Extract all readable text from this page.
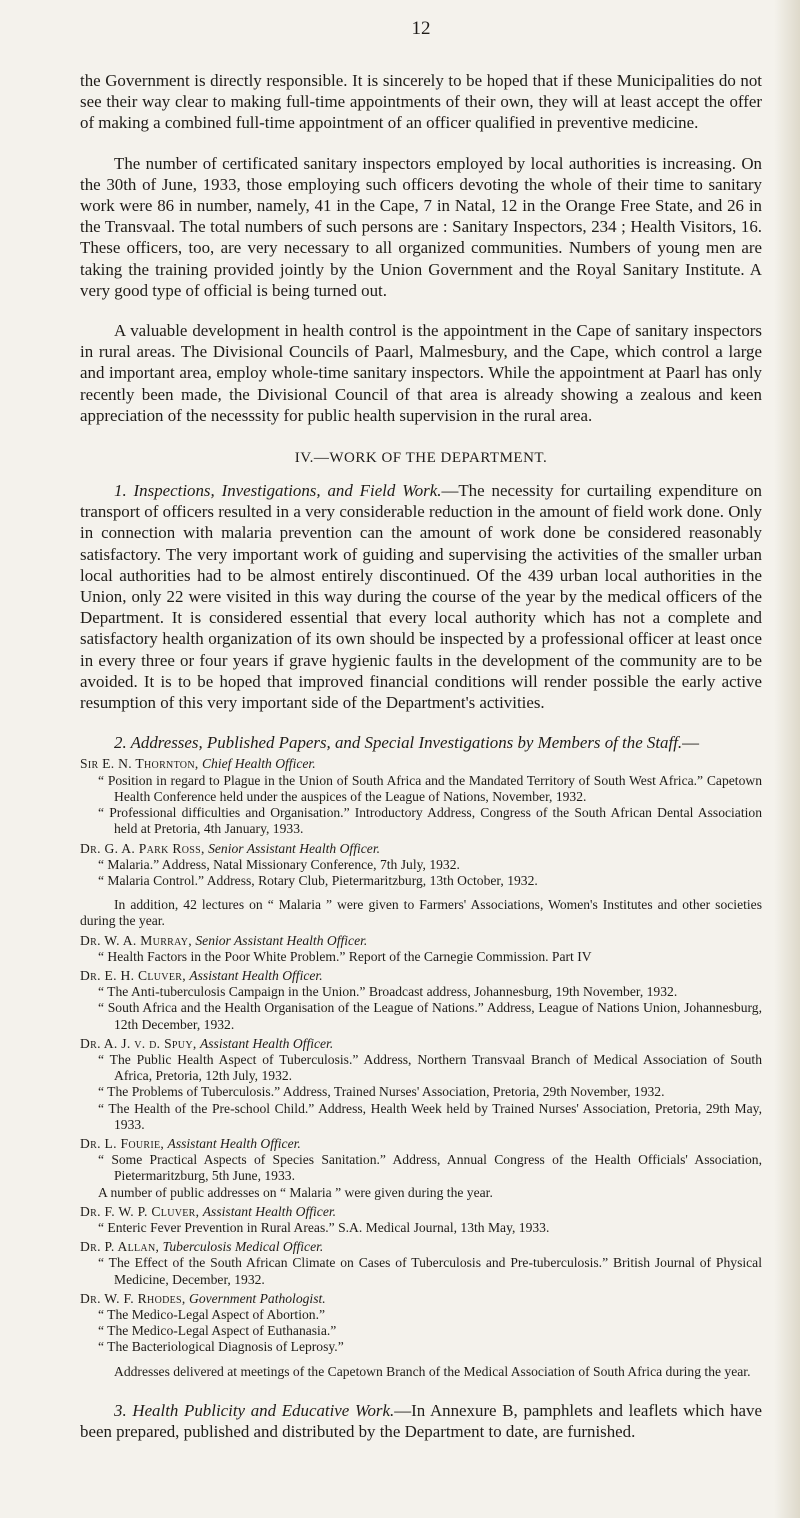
12

the Government is directly responsible. It is sincerely to be hoped that if these Municipalities do not see their way clear to making full-time appointments of their own, they will at least accept the offer of making a combined full-time appointment of an officer qualified in preventive medicine.

The number of certificated sanitary inspectors employed by local authorities is increasing. On the 30th of June, 1933, those employing such officers devoting the whole of their time to sanitary work were 86 in number, namely, 41 in the Cape, 7 in Natal, 12 in the Orange Free State, and 26 in the Transvaal. The total numbers of such persons are : Sanitary Inspectors, 234 ; Health Visitors, 16. These officers, too, are very necessary to all organized communities. Numbers of young men are taking the training provided jointly by the Union Government and the Royal Sanitary Institute. A very good type of official is being turned out.

A valuable development in health control is the appointment in the Cape of sanitary inspectors in rural areas. The Divisional Councils of Paarl, Malmesbury, and the Cape, which control a large and important area, employ whole-time sanitary inspectors. While the appointment at Paarl has only recently been made, the Divisional Council of that area is already showing a zealous and keen appreciation of the necesssity for public health supervision in the rural area.

IV.—WORK OF THE DEPARTMENT.

1. Inspections, Investigations, and Field Work.—The necessity for curtailing expenditure on transport of officers resulted in a very considerable reduction in the amount of field work done. Only in connection with malaria prevention can the amount of work done be considered reasonably satisfactory. The very important work of guiding and supervising the activities of the smaller urban local authorities had to be almost entirely discontinued. Of the 439 urban local authorities in the Union, only 22 were visited in this way during the course of the year by the medical officers of the Department. It is considered essential that every local authority which has not a complete and satisfactory health organization of its own should be inspected by a professional officer at least once in every three or four years if grave hygienic faults in the development of the community are to be avoided. It is to be hoped that improved financial conditions will render possible the early active resumption of this very important side of the Department's activities.

2. Addresses, Published Papers, and Special Investigations by Members of the Staff.—
Sir E. N. Thornton, Chief Health Officer.
“ Position in regard to Plague in the Union of South Africa and the Mandated Territory of South West Africa.” Capetown Health Conference held under the auspices of the League of Nations, November, 1932.
“ Professional difficulties and Organisation.” Introductory Address, Congress of the South African Dental Association held at Pretoria, 4th January, 1933.
Dr. G. A. Park Ross, Senior Assistant Health Officer.
“ Malaria.” Address, Natal Missionary Conference, 7th July, 1932.
“ Malaria Control.” Address, Rotary Club, Pietermaritzburg, 13th October, 1932.
In addition, 42 lectures on “ Malaria ” were given to Farmers' Associations, Women's Institutes and other societies during the year.
Dr. W. A. Murray, Senior Assistant Health Officer.
“ Health Factors in the Poor White Problem.” Report of the Carnegie Commission. Part IV
Dr. E. H. Cluver, Assistant Health Officer.
“ The Anti-tuberculosis Campaign in the Union.” Broadcast address, Johannesburg, 19th November, 1932.
“ South Africa and the Health Organisation of the League of Nations.” Address, League of Nations Union, Johannesburg, 12th December, 1932.
Dr. A. J. v. d. Spuy, Assistant Health Officer.
“ The Public Health Aspect of Tuberculosis.” Address, Northern Transvaal Branch of Medical Association of South Africa, Pretoria, 12th July, 1932.
“ The Problems of Tuberculosis.” Address, Trained Nurses' Association, Pretoria, 29th November, 1932.
“ The Health of the Pre-school Child.” Address, Health Week held by Trained Nurses' Association, Pretoria, 29th May, 1933.
Dr. L. Fourie, Assistant Health Officer.
“ Some Practical Aspects of Species Sanitation.” Address, Annual Congress of the Health Officials' Association, Pietermaritzburg, 5th June, 1933.
A number of public addresses on “ Malaria ” were given during the year.
Dr. F. W. P. Cluver, Assistant Health Officer.
“ Enteric Fever Prevention in Rural Areas.” S.A. Medical Journal, 13th May, 1933.
Dr. P. Allan, Tuberculosis Medical Officer.
“ The Effect of the South African Climate on Cases of Tuberculosis and Pre-tuberculosis.” British Journal of Physical Medicine, December, 1932.
Dr. W. F. Rhodes, Government Pathologist.
“ The Medico-Legal Aspect of Abortion.”
“ The Medico-Legal Aspect of Euthanasia.”
“ The Bacteriological Diagnosis of Leprosy.”
Addresses delivered at meetings of the Capetown Branch of the Medical Association of South Africa during the year.

3. Health Publicity and Educative Work.—In Annexure B, pamphlets and leaflets which have been prepared, published and distributed by the Department to date, are furnished.
